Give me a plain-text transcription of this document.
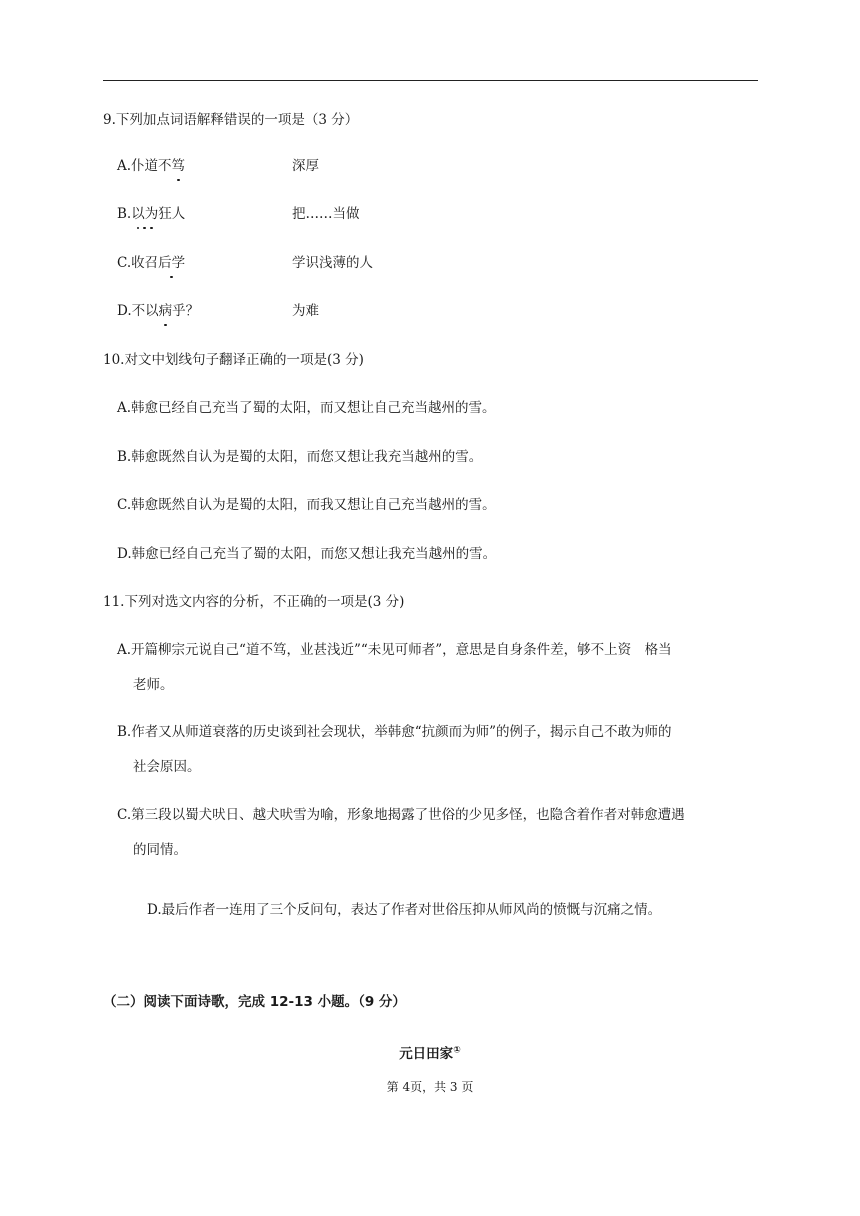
9.下列加点词语解释错误的一项是（3 分）
A.仆道不笃	深厚
B.以为狂人	把……当做
C.收召后学	学识浅薄的人
D.不以病乎？	为难
10.对文中划线句子翻译正确的一项是(3 分)
A.韩愈已经自己充当了蜀的太阳，而又想让自己充当越州的雪。
B.韩愈既然自认为是蜀的太阳，而您又想让我充当越州的雪。
C.韩愈既然自认为是蜀的太阳，而我又想让自己充当越州的雪。
D.韩愈已经自己充当了蜀的太阳，而您又想让我充当越州的雪。
11.下列对选文内容的分析，不正确的一项是(3 分)
A.开篇柳宗元说自己“道不笃，业甚浅近”“未见可师者”，意思是自身条件差，够不上资　格当
老师。
B.作者又从师道衰落的历史谈到社会现状，举韩愈“抗颜而为师”的例子，揭示自己不敢为师的
社会原因。
C.第三段以蜀犬吠日、越犬吠雪为喻，形象地揭露了世俗的少见多怪，也隐含着作者对韩愈遭遇
的同情。
D.最后作者一连用了三个反问句，表达了作者对世俗压抑从师风尚的愤慨与沉痛之情。
（二）阅读下面诗歌，完成 12-13 小题。（9 分）
元日田家①
第 4页，共 3 页
